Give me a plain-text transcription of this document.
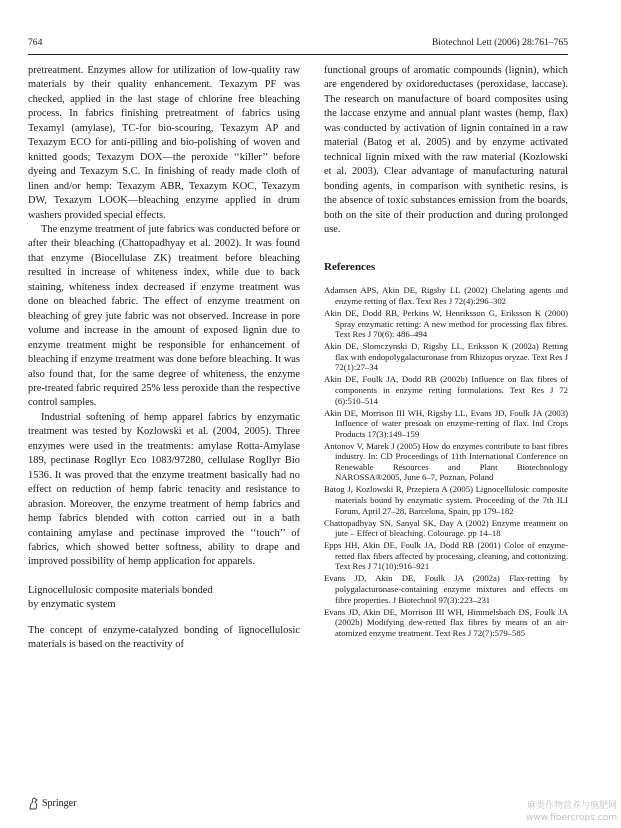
764	Biotechnol Lett (2006) 28:761–765

pretreatment. Enzymes allow for utilization of low-quality raw materials by their quality enhancement. Texazym PF was checked, applied in the last stage of chlorine free bleaching process. In fabrics finishing pretreatment of fabrics using Texamyl (amylase), TC-for bio-scouring, Texazym AP and Texazym ECO for anti-pilling and bio-polishing of woven and knitted goods; Texazym DOX—the peroxide ‘‘killer’’ before dyeing and Texazym S.C. In finishing of ready made cloth of linen and/or hemp: Texazym ABR, Texazym KOC, Texazym DW, Texazym LOOK—bleaching enzyme applied in drum washers provided special effects.

The enzyme treatment of jute fabrics was conducted before or after their bleaching (Chattopadhyay et al. 2002). It was found that enzyme (Biocellulase ZK) treatment before bleaching resulted in increase of whiteness index, while due to back staining, whiteness index decreased if enzyme treatment was done on bleached fabric. The effect of enzyme treatment on bleaching of grey jute fabric was not observed. Increase in pore volume and increase in the amount of exposed lignin due to enzyme treatment might be responsible for enhancement of bleaching if enzyme treatment was done before bleaching. It was also found that, for the same degree of whiteness, the enzyme pre-treated fabric required 25% less peroxide than the respective control samples.

Industrial softening of hemp apparel fabrics by enzymatic treatment was tested by Kozlowski et al. (2004, 2005). Three enzymes were used in the treatments: amylase Rotta-Amylase 189, pectinase Rogllyr Eco 1083/97280, cellulase Rogllyr Bio 1536. It was proved that the enzyme treatment basically had no effect on reduction of hemp fabric tenacity and resistance to abrasion. Moreover, the enzyme treatment of hemp fabrics and hemp fabrics blended with cotton carried out in a bath containing amylase and pectinase improved the ‘‘touch’’ of fabrics, which showed better softness, ability to drape and improved possibility of hemp application for apparels.

Lignocellulosic composite materials bonded
by enzymatic system

The concept of enzyme-catalyzed bonding of lignocellulosic materials is based on the reactivity of

functional groups of aromatic compounds (lignin), which are engendered by oxidoreductases (peroxidase, laccase). The research on manufacture of board composites using the laccase enzyme and annual plant wastes (hemp, flax) was conducted by activation of lignin contained in a raw material (Batog et al. 2005) and by enzyme activated technical lignin mixed with the raw material (Kozlowski et al. 2003). Clear advantage of manufacturing natural bonding agents, in comparison with synthetic resins, is the absence of toxic substances emission from the boards, both on the site of their production and during prolonged use.

References

Adamsen APS, Akin DE, Rigsby LL (2002) Chelating agents and enzyme retting of flax. Text Res J 72(4):296–302

Akin DE, Dodd RB, Perkins W, Henriksson G, Eriksson K (2000) Spray enzymatic retting: A new method for processing flax fibres. Text Res J 70(6): 486–494

Akin DE, Slomczynski D, Rigsby LL, Eriksson K (2002a) Retting flax with endopolygalacturonase from Rhizopus oryzae. Text Res J 72(1):27–34

Akin DE, Foulk JA, Dodd RB (2002b) Influence on flax fibres of components in enzyme retting formulations. Text Res J 72 (6):510–514

Akin DE, Morrison III WH, Rigsby LL, Evans JD, Foulk JA (2003) Influence of water presoak on enzyme-retting of flax. Ind Crops Products 17(3):149–159

Antonov V, Marek J (2005) How do enzymes contribute to bast fibres industry. In: CD Proceedings of 11th International Conference on Renewable Resources and Plant Biotechnology NAROSSA®2005, June 6–7, Poznan, Poland

Batog J, Kozlowski R, Przepiera A (2005) Lignocellulosic composite materials bound by enzymatic system. Proceeding of the 7th ILI Forum, April 27–28, Barcelona, Spain, pp 179–182

Chattopadhyay SN, Sanyal SK, Day A (2002) Enzyme treatment on jute – Effect of bleaching. Colourage. pp 14–18

Epps HH, Akin DE, Foulk JA, Dodd RB (2001) Color of enzyme-retted flax fibers affected by processing, cleaning, and cottonizing. Text Res J 71(10):916–921

Evans JD, Akin DE, Foulk JA (2002a) Flax-retting by polygalacturonase-containing enzyme mixtures and effects on fibre properties. J Biotechnol 97(3):223–231

Evans JD, Akin DE, Morrison III WH, Himmelsbach DS, Foulk JA (2002b) Modifying dew-retted flax fibres by means of an air-atomized enzyme treatment. Text Res J 72(7):579–585

Springer	麻类作物营养与施肥网
www.fibercrops.com
